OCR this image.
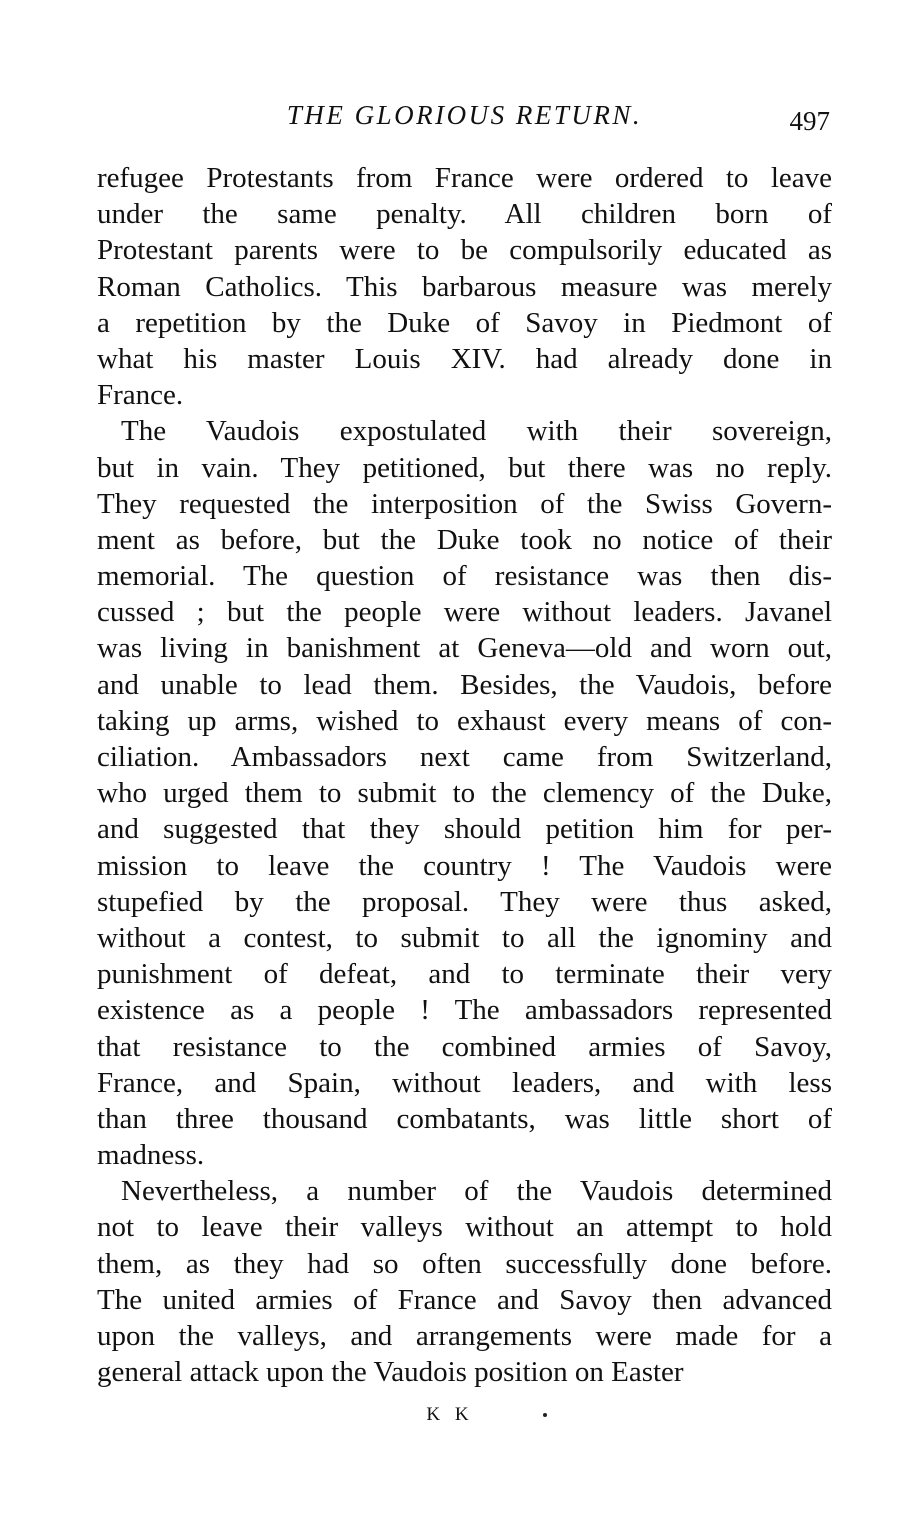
THE GLORIOUS RETURN.	497
refugee Protestants from France were ordered to leave
under the same penalty. All children born of
Protestant parents were to be compulsorily educated as
Roman Catholics. This barbarous measure was merely
a repetition by the Duke of Savoy in Piedmont of
what his master Louis XIV. had already done in
France.
The Vaudois expostulated with their sovereign,
but in vain. They petitioned, but there was no reply.
They requested the interposition of the Swiss Govern-
ment as before, but the Duke took no notice of their
memorial. The question of resistance was then dis-
cussed ; but the people were without leaders. Javanel
was living in banishment at Geneva—old and worn out,
and unable to lead them. Besides, the Vaudois, before
taking up arms, wished to exhaust every means of con-
ciliation. Ambassadors next came from Switzerland,
who urged them to submit to the clemency of the Duke,
and suggested that they should petition him for per-
mission to leave the country ! The Vaudois were
stupefied by the proposal. They were thus asked,
without a contest, to submit to all the ignominy and
punishment of defeat, and to terminate their very
existence as a people ! The ambassadors represented
that resistance to the combined armies of Savoy,
France, and Spain, without leaders, and with less
than three thousand combatants, was little short of
madness.
Nevertheless, a number of the Vaudois determined
not to leave their valleys without an attempt to hold
them, as they had so often successfully done before.
The united armies of France and Savoy then advanced
upon the valleys, and arrangements were made for a
general attack upon the Vaudois position on Easter
K K
